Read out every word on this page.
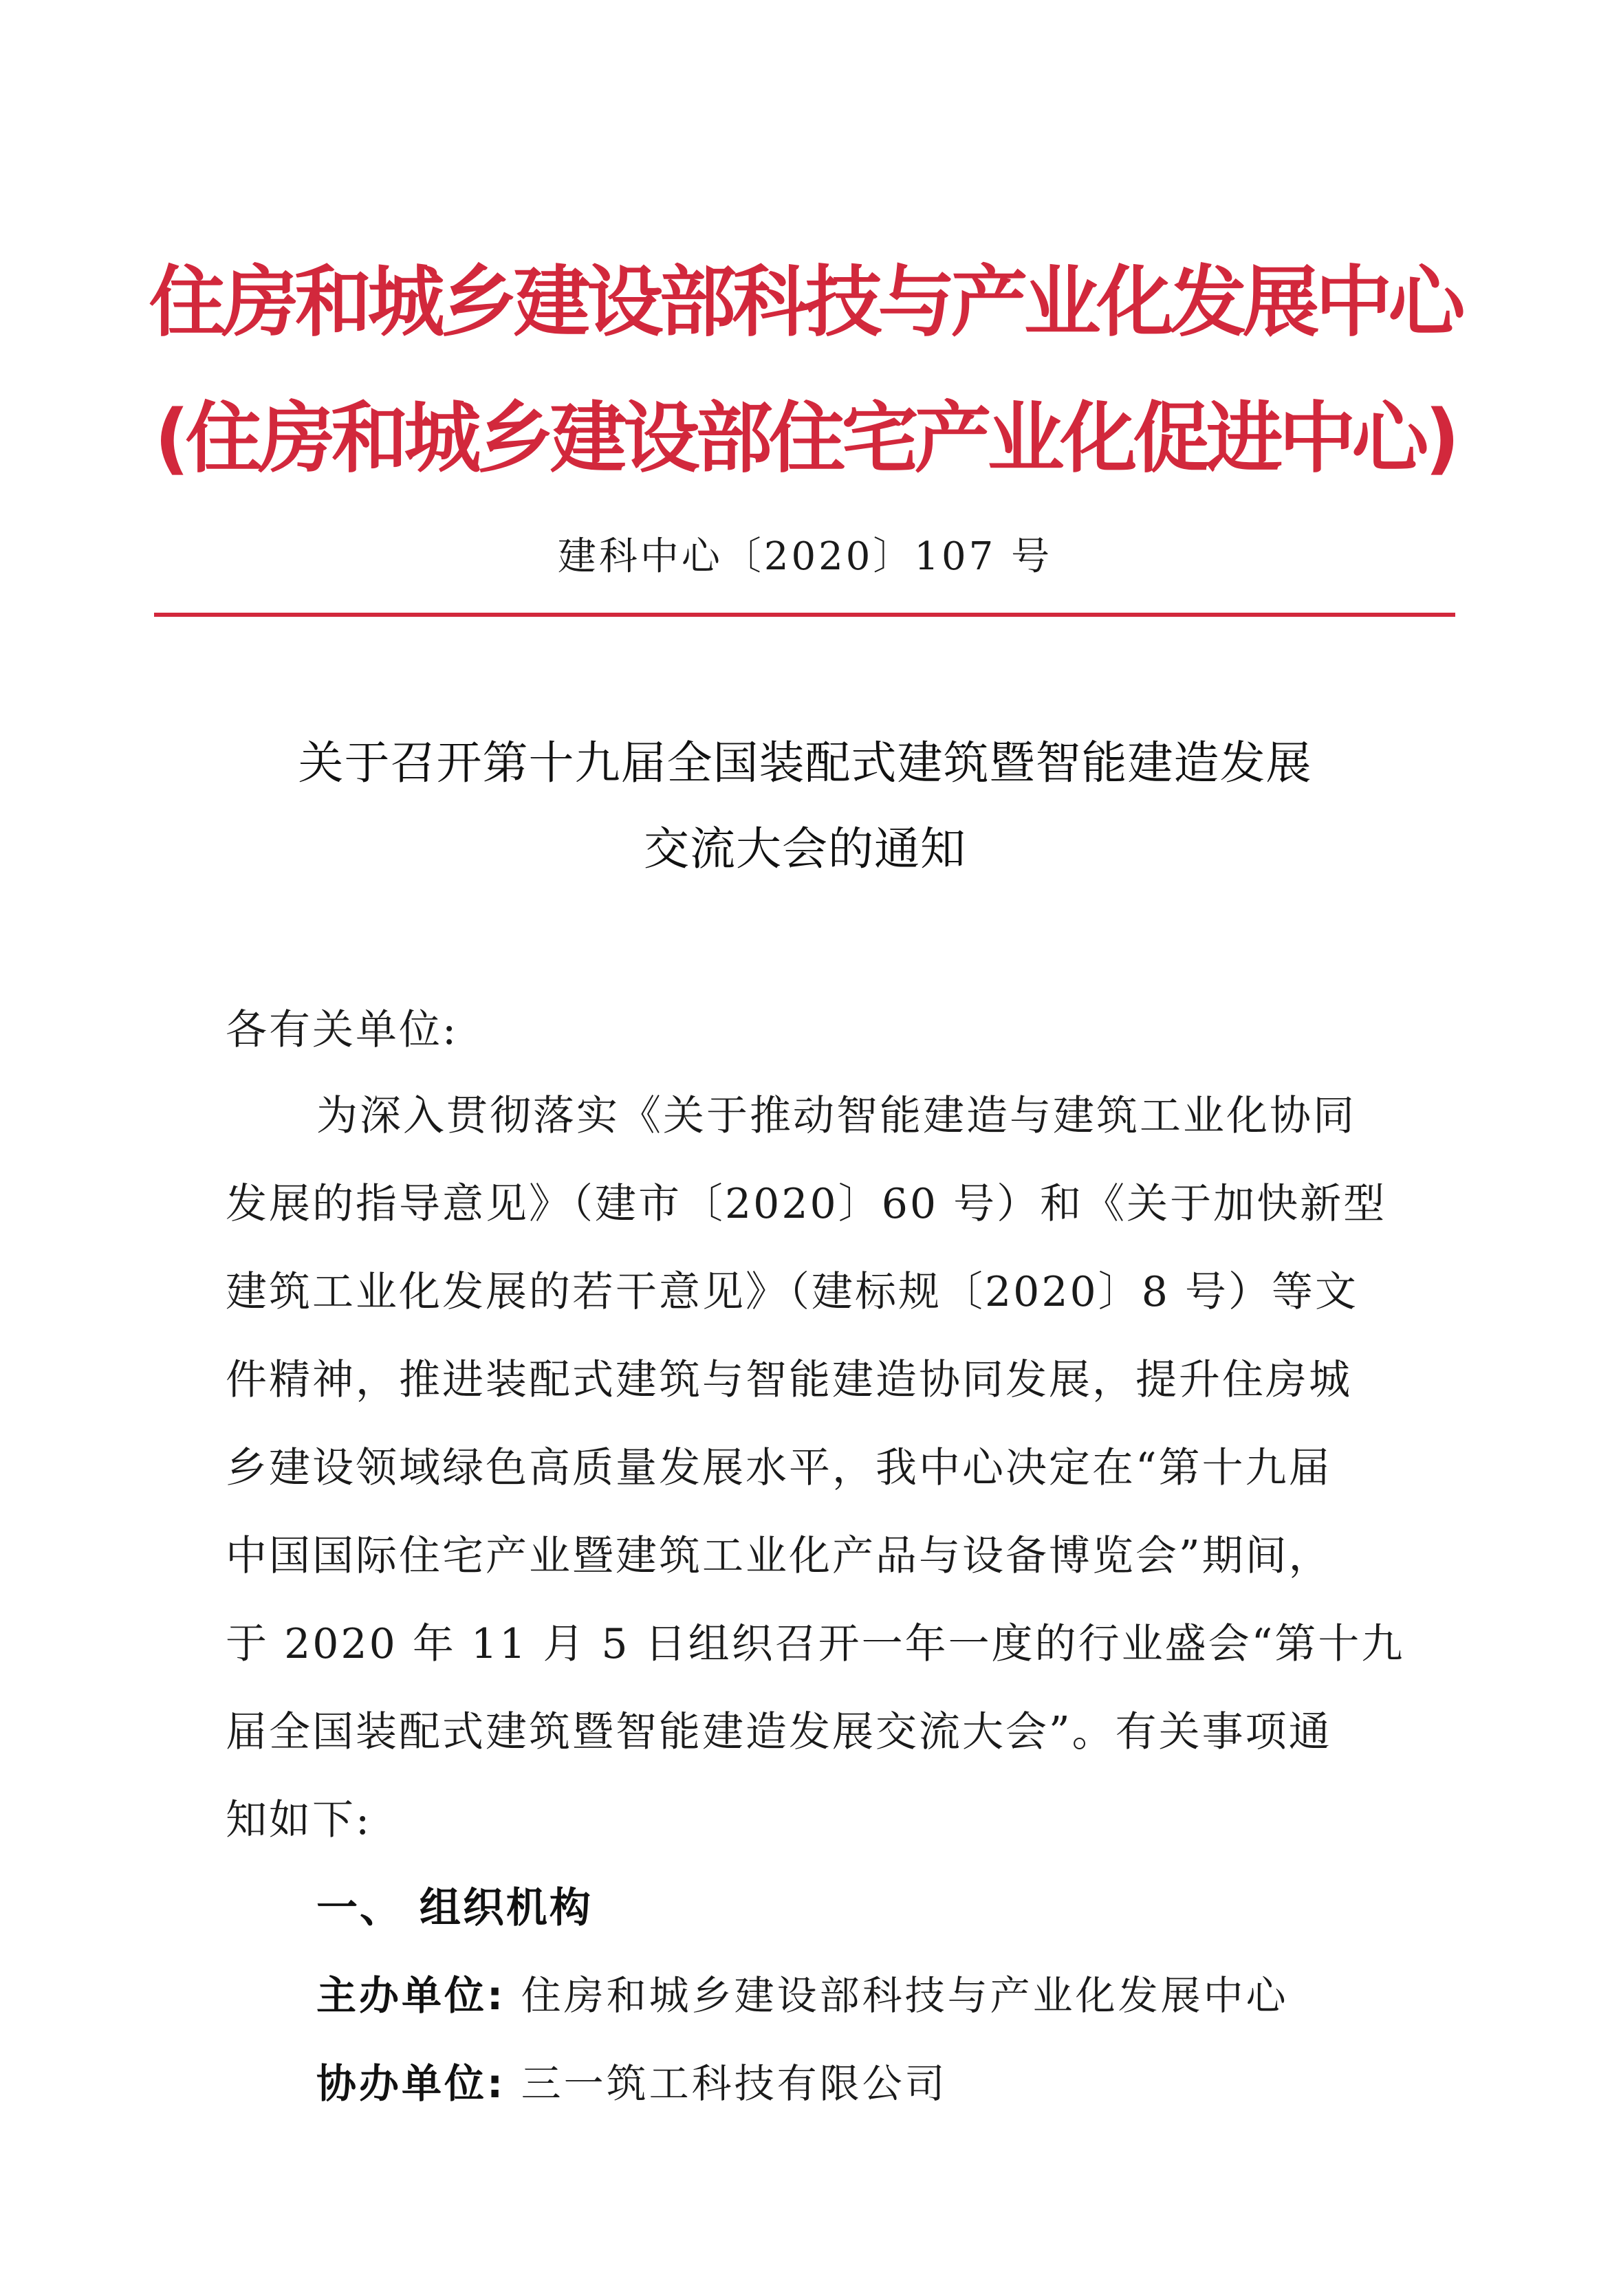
住房和城乡建设部科技与产业化发展中心
(住房和城乡建设部住宅产业化促进中心)
建科中心〔2020〕107 号
关于召开第十九届全国装配式建筑暨智能建造发展
交流大会的通知
各有关单位:
为深入贯彻落实《关于推动智能建造与建筑工业化协同
发展的指导意见》（建市〔2020〕60 号）和《关于加快新型
建筑工业化发展的若干意见》（建标规〔2020〕8 号）等文
件精神，推进装配式建筑与智能建造协同发展，提升住房城
乡建设领域绿色高质量发展水平，我中心决定在“第十九届
中国国际住宅产业暨建筑工业化产品与设备博览会”期间，
于 2020 年 11 月 5 日组织召开一年一度的行业盛会“第十九
届全国装配式建筑暨智能建造发展交流大会”。有关事项通
知如下:
一、 组织机构
主办单位: 住房和城乡建设部科技与产业化发展中心
协办单位: 三一筑工科技有限公司
